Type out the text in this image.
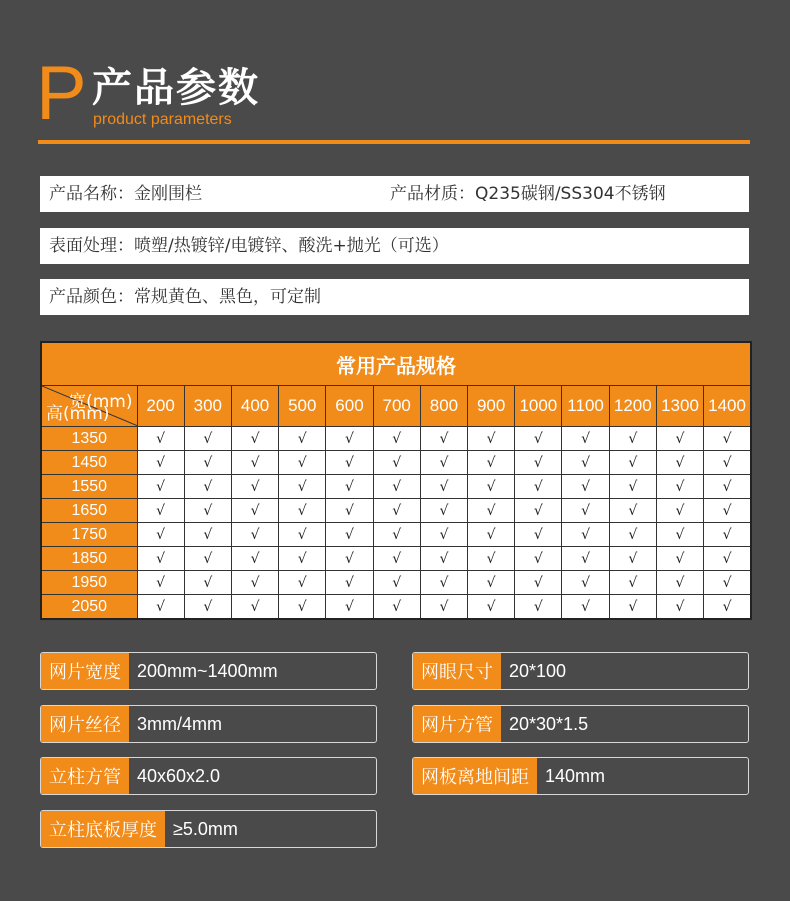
P 产品参数
product parameters
产品名称：金刚围栏	产品材质：Q235碳钢/SS304不锈钢
表面处理：喷塑/热镀锌/电镀锌、酸洗+抛光（可选）
产品颜色：常规黄色、黑色，可定制
常用产品规格													

宽(mm)
高(mm)	200	300	400	500	600	700	800	900	1000	1100	1200	1300	1400
1350	√	√	√	√	√	√	√	√	√	√	√	√	√
1450	√	√	√	√	√	√	√	√	√	√	√	√	√
1550	√	√	√	√	√	√	√	√	√	√	√	√	√
1650	√	√	√	√	√	√	√	√	√	√	√	√	√
1750	√	√	√	√	√	√	√	√	√	√	√	√	√
1850	√	√	√	√	√	√	√	√	√	√	√	√	√
1950	√	√	√	√	√	√	√	√	√	√	√	√	√
2050	√	√	√	√	√	√	√	√	√	√	√	√	√
网片宽度 200mm~1400mm	网眼尺寸 20*100
网片丝径 3mm/4mm	网片方管 20*30*1.5
立柱方管 40x60x2.0	网板离地间距 140mm
立柱底板厚度 ≥5.0mm
